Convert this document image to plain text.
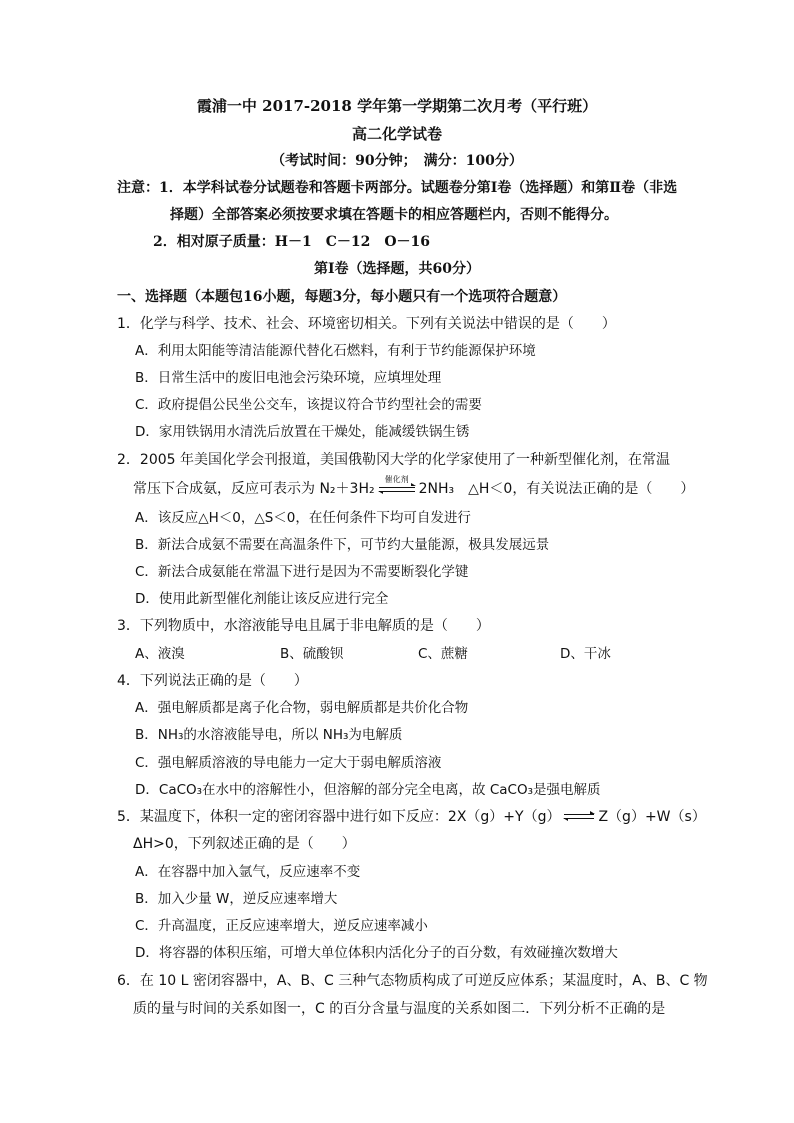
霞浦一中 2017-2018 学年第一学期第二次月考（平行班）
高二化学试卷
（考试时间：90分钟；　满分：100分）
注意：1．本学科试卷分试题卷和答题卡两部分。试题卷分第Ⅰ卷（选择题）和第Ⅱ卷（非选
择题）全部答案必须按要求填在答题卡的相应答题栏内，否则不能得分。
2．相对原子质量：H－1　C－12　O－16
第Ⅰ卷（选择题，共60分）
一、选择题（本题包16小题，每题3分，每小题只有一个选项符合题意）
1．化学与科学、技术、社会、环境密切相关。下列有关说法中错误的是（　　）
A．利用太阳能等清洁能源代替化石燃料，有利于节约能源保护环境
B．日常生活中的废旧电池会污染环境，应填埋处理
C．政府提倡公民坐公交车，该提议符合节约型社会的需要
D．家用铁锅用水清洗后放置在干燥处，能减缓铁锅生锈
2．2005 年美国化学会刊报道，美国俄勒冈大学的化学家使用了一种新型催化剂，在常温
常压下合成氨，反应可表示为 N₂＋3H₂
催化剂
2NH₃　△H＜0，有关说法正确的是（　　）
A．该反应△H＜0，△S＜0，在任何条件下均可自发进行
B．新法合成氨不需要在高温条件下，可节约大量能源，极具发展远景
C．新法合成氨能在常温下进行是因为不需要断裂化学键
D．使用此新型催化剂能让该反应进行完全
3．下列物质中，水溶液能导电且属于非电解质的是（　　）
A、液溴	B、硫酸钡	C、蔗糖	D、干冰
4．下列说法正确的是（　　）
A．强电解质都是离子化合物，弱电解质都是共价化合物
B．NH₃的水溶液能导电，所以 NH₃为电解质
C．强电解质溶液的导电能力一定大于弱电解质溶液
D．CaCO₃在水中的溶解性小，但溶解的部分完全电离，故 CaCO₃是强电解质
5．某温度下，体积一定的密闭容器中进行如下反应：2X（g）+Y（g）	Z（g）+W（s）
ΔH>0，下列叙述正确的是（　　）
A．在容器中加入氩气，反应速率不变
B．加入少量 W，逆反应速率增大
C．升高温度，正反应速率增大，逆反应速率减小
D．将容器的体积压缩，可增大单位体积内活化分子的百分数，有效碰撞次数增大
6．在 10 L 密闭容器中，A、B、C 三种气态物质构成了可逆反应体系；某温度时，A、B、C 物
质的量与时间的关系如图一，C 的百分含量与温度的关系如图二．下列分析不正确的是
